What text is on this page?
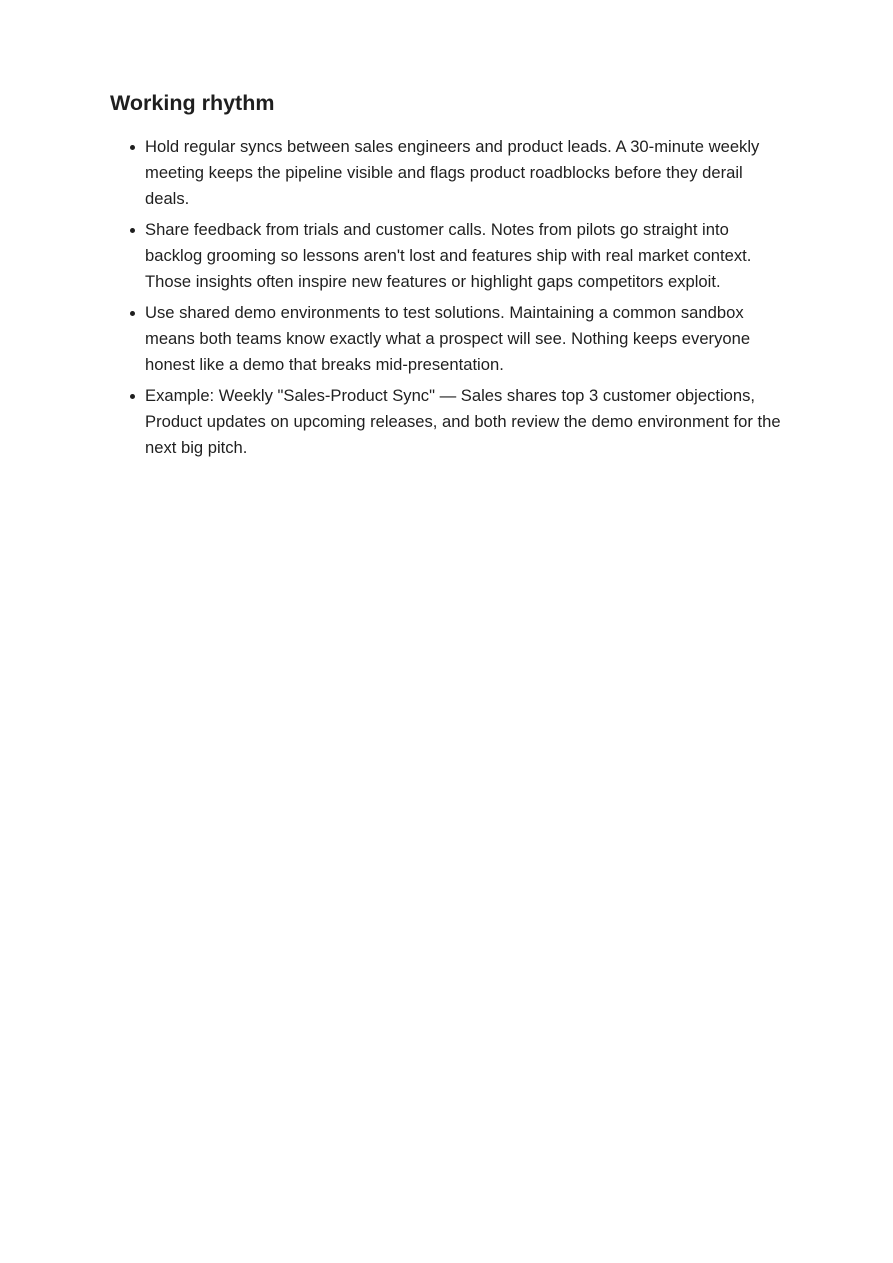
Working rhythm
Hold regular syncs between sales engineers and product leads. A 30-minute weekly meeting keeps the pipeline visible and flags product roadblocks before they derail deals.
Share feedback from trials and customer calls. Notes from pilots go straight into backlog grooming so lessons aren't lost and features ship with real market context. Those insights often inspire new features or highlight gaps competitors exploit.
Use shared demo environments to test solutions. Maintaining a common sandbox means both teams know exactly what a prospect will see. Nothing keeps everyone honest like a demo that breaks mid-presentation.
Example: Weekly "Sales-Product Sync" — Sales shares top 3 customer objections, Product updates on upcoming releases, and both review the demo environment for the next big pitch.
